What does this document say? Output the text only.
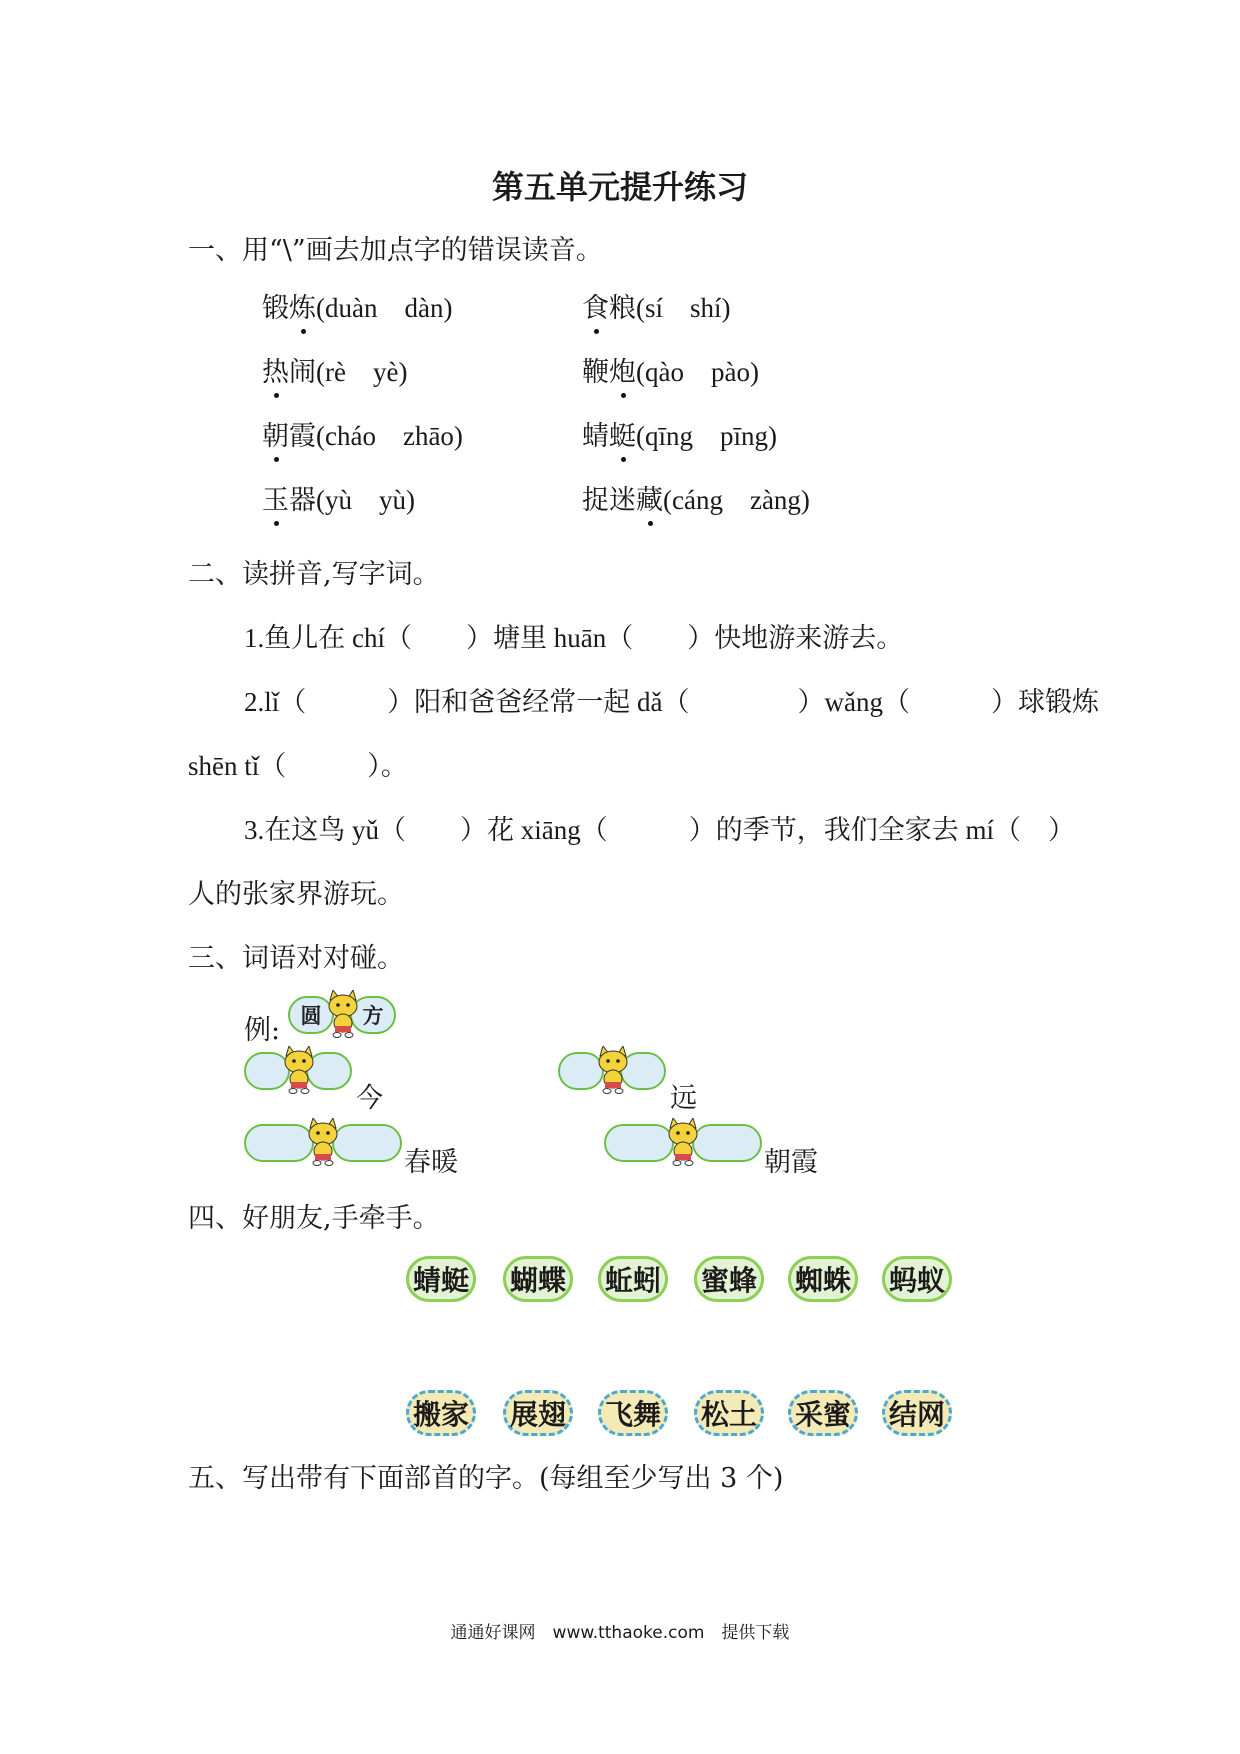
第五单元提升练习
一、用“\”画去加点字的错误读音。
锻炼(duàn　dàn)	食粮(sí　shí)
热闹(rè　yè)	鞭炮(qào　pào)
朝霞(cháo　zhāo)	蜻蜓(qīng　pīng)
玉器(yù　yù)	捉迷藏(cáng　zàng)
二、读拼音,写字词。
1.鱼儿在 chí（　　）塘里 huān（　　）快地游来游去。
2.lǐ（　　　）阳和爸爸经常一起 dǎ（　　　　）wǎng（　　　）球锻炼
shēn tǐ（　　　）。
3.在这鸟 yǔ（　　）花 xiāng（　　　）的季节，我们全家去 mí（　）
人的张家界游玩。
三、词语对对碰。
例: 圆	方
今	远
春暖	朝霞
四、好朋友,手牵手。
蜻蜓 蝴蝶 蚯蚓 蜜蜂 蜘蛛 蚂蚁
搬家 展翅 飞舞 松土 采蜜 结网
五、写出带有下面部首的字。(每组至少写出 3 个)
通通好课网　www.tthaoke.com　提供下载
